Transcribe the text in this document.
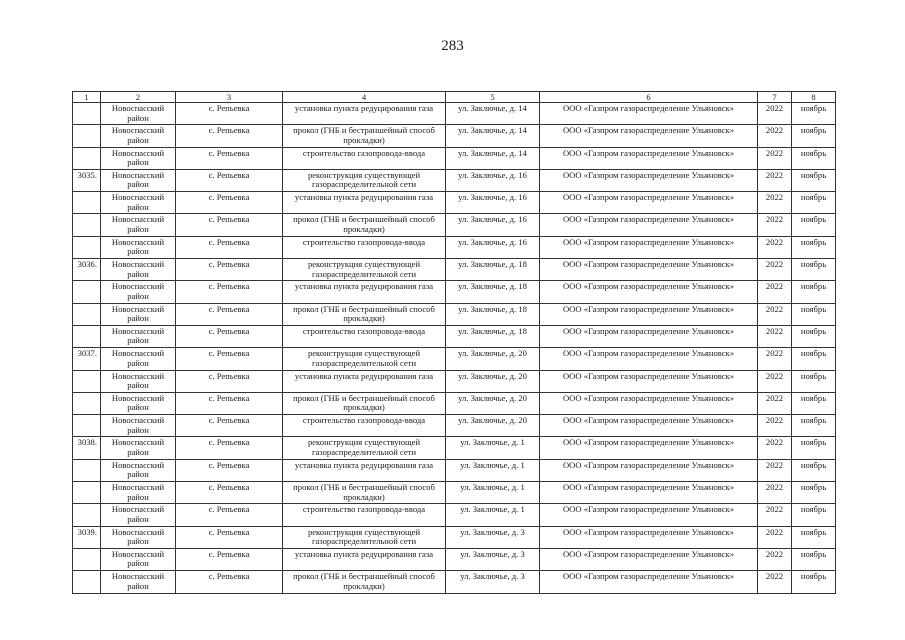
283
1	2	3	4	5	6	7	8
	Новоспасский район	с. Репьевка	установка пункта редуцирования газа	ул. Заключье, д. 14	ООО «Газпром газораспределение Ульяновск»	2022	ноябрь
	Новоспасский район	с. Репьевка	прокол (ГНБ и бестраншейный способ прокладки)	ул. Заключье, д. 14	ООО «Газпром газораспределение Ульяновск»	2022	ноябрь
	Новоспасский район	с. Репьевка	строительство газопровода-ввода	ул. Заключье, д. 14	ООО «Газпром газораспределение Ульяновск»	2022	ноябрь
3035.	Новоспасский район	с. Репьевка	реконструкция существующей газораспределительной сети	ул. Заключье, д. 16	ООО «Газпром газораспределение Ульяновск»	2022	ноябрь
	Новоспасский район	с. Репьевка	установка пункта редуцирования газа	ул. Заключье, д. 16	ООО «Газпром газораспределение Ульяновск»	2022	ноябрь
	Новоспасский район	с. Репьевка	прокол (ГНБ и бестраншейный способ прокладки)	ул. Заключье, д. 16	ООО «Газпром газораспределение Ульяновск»	2022	ноябрь
	Новоспасский район	с. Репьевка	строительство газопровода-ввода	ул. Заключье, д. 16	ООО «Газпром газораспределение Ульяновск»	2022	ноябрь
3036.	Новоспасский район	с. Репьевка	реконструкция существующей газораспределительной сети	ул. Заключье, д. 18	ООО «Газпром газораспределение Ульяновск»	2022	ноябрь
	Новоспасский район	с. Репьевка	установка пункта редуцирования газа	ул. Заключье, д. 18	ООО «Газпром газораспределение Ульяновск»	2022	ноябрь
	Новоспасский район	с. Репьевка	прокол (ГНБ и бестраншейный способ прокладки)	ул. Заключье, д. 18	ООО «Газпром газораспределение Ульяновск»	2022	ноябрь
	Новоспасский район	с. Репьевка	строительство газопровода-ввода	ул. Заключье, д. 18	ООО «Газпром газораспределение Ульяновск»	2022	ноябрь
3037.	Новоспасский район	с. Репьевка	реконструкция существующей газораспределительной сети	ул. Заключье, д. 20	ООО «Газпром газораспределение Ульяновск»	2022	ноябрь
	Новоспасский район	с. Репьевка	установка пункта редуцирования газа	ул. Заключье, д. 20	ООО «Газпром газораспределение Ульяновск»	2022	ноябрь
	Новоспасский район	с. Репьевка	прокол (ГНБ и бестраншейный способ прокладки)	ул. Заключье, д. 20	ООО «Газпром газораспределение Ульяновск»	2022	ноябрь
	Новоспасский район	с. Репьевка	строительство газопровода-ввода	ул. Заключье, д. 20	ООО «Газпром газораспределение Ульяновск»	2022	ноябрь
3038.	Новоспасский район	с. Репьевка	реконструкция существующей газораспределительной сети	ул. Заключье, д. 1	ООО «Газпром газораспределение Ульяновск»	2022	ноябрь
	Новоспасский район	с. Репьевка	установка пункта редуцирования газа	ул. Заключье, д. 1	ООО «Газпром газораспределение Ульяновск»	2022	ноябрь
	Новоспасский район	с. Репьевка	прокол (ГНБ и бестраншейный способ прокладки)	ул. Заключье, д. 1	ООО «Газпром газораспределение Ульяновск»	2022	ноябрь
	Новоспасский район	с. Репьевка	строительство газопровода-ввода	ул. Заключье, д. 1	ООО «Газпром газораспределение Ульяновск»	2022	ноябрь
3039.	Новоспасский район	с. Репьевка	реконструкция существующей газораспределительной сети	ул. Заключье, д. 3	ООО «Газпром газораспределение Ульяновск»	2022	ноябрь
	Новоспасский район	с. Репьевка	установка пункта редуцирования газа	ул. Заключье, д. 3	ООО «Газпром газораспределение Ульяновск»	2022	ноябрь
	Новоспасский район	с. Репьевка	прокол (ГНБ и бестраншейный способ прокладки)	ул. Заключье, д. 3	ООО «Газпром газораспределение Ульяновск»	2022	ноябрь
